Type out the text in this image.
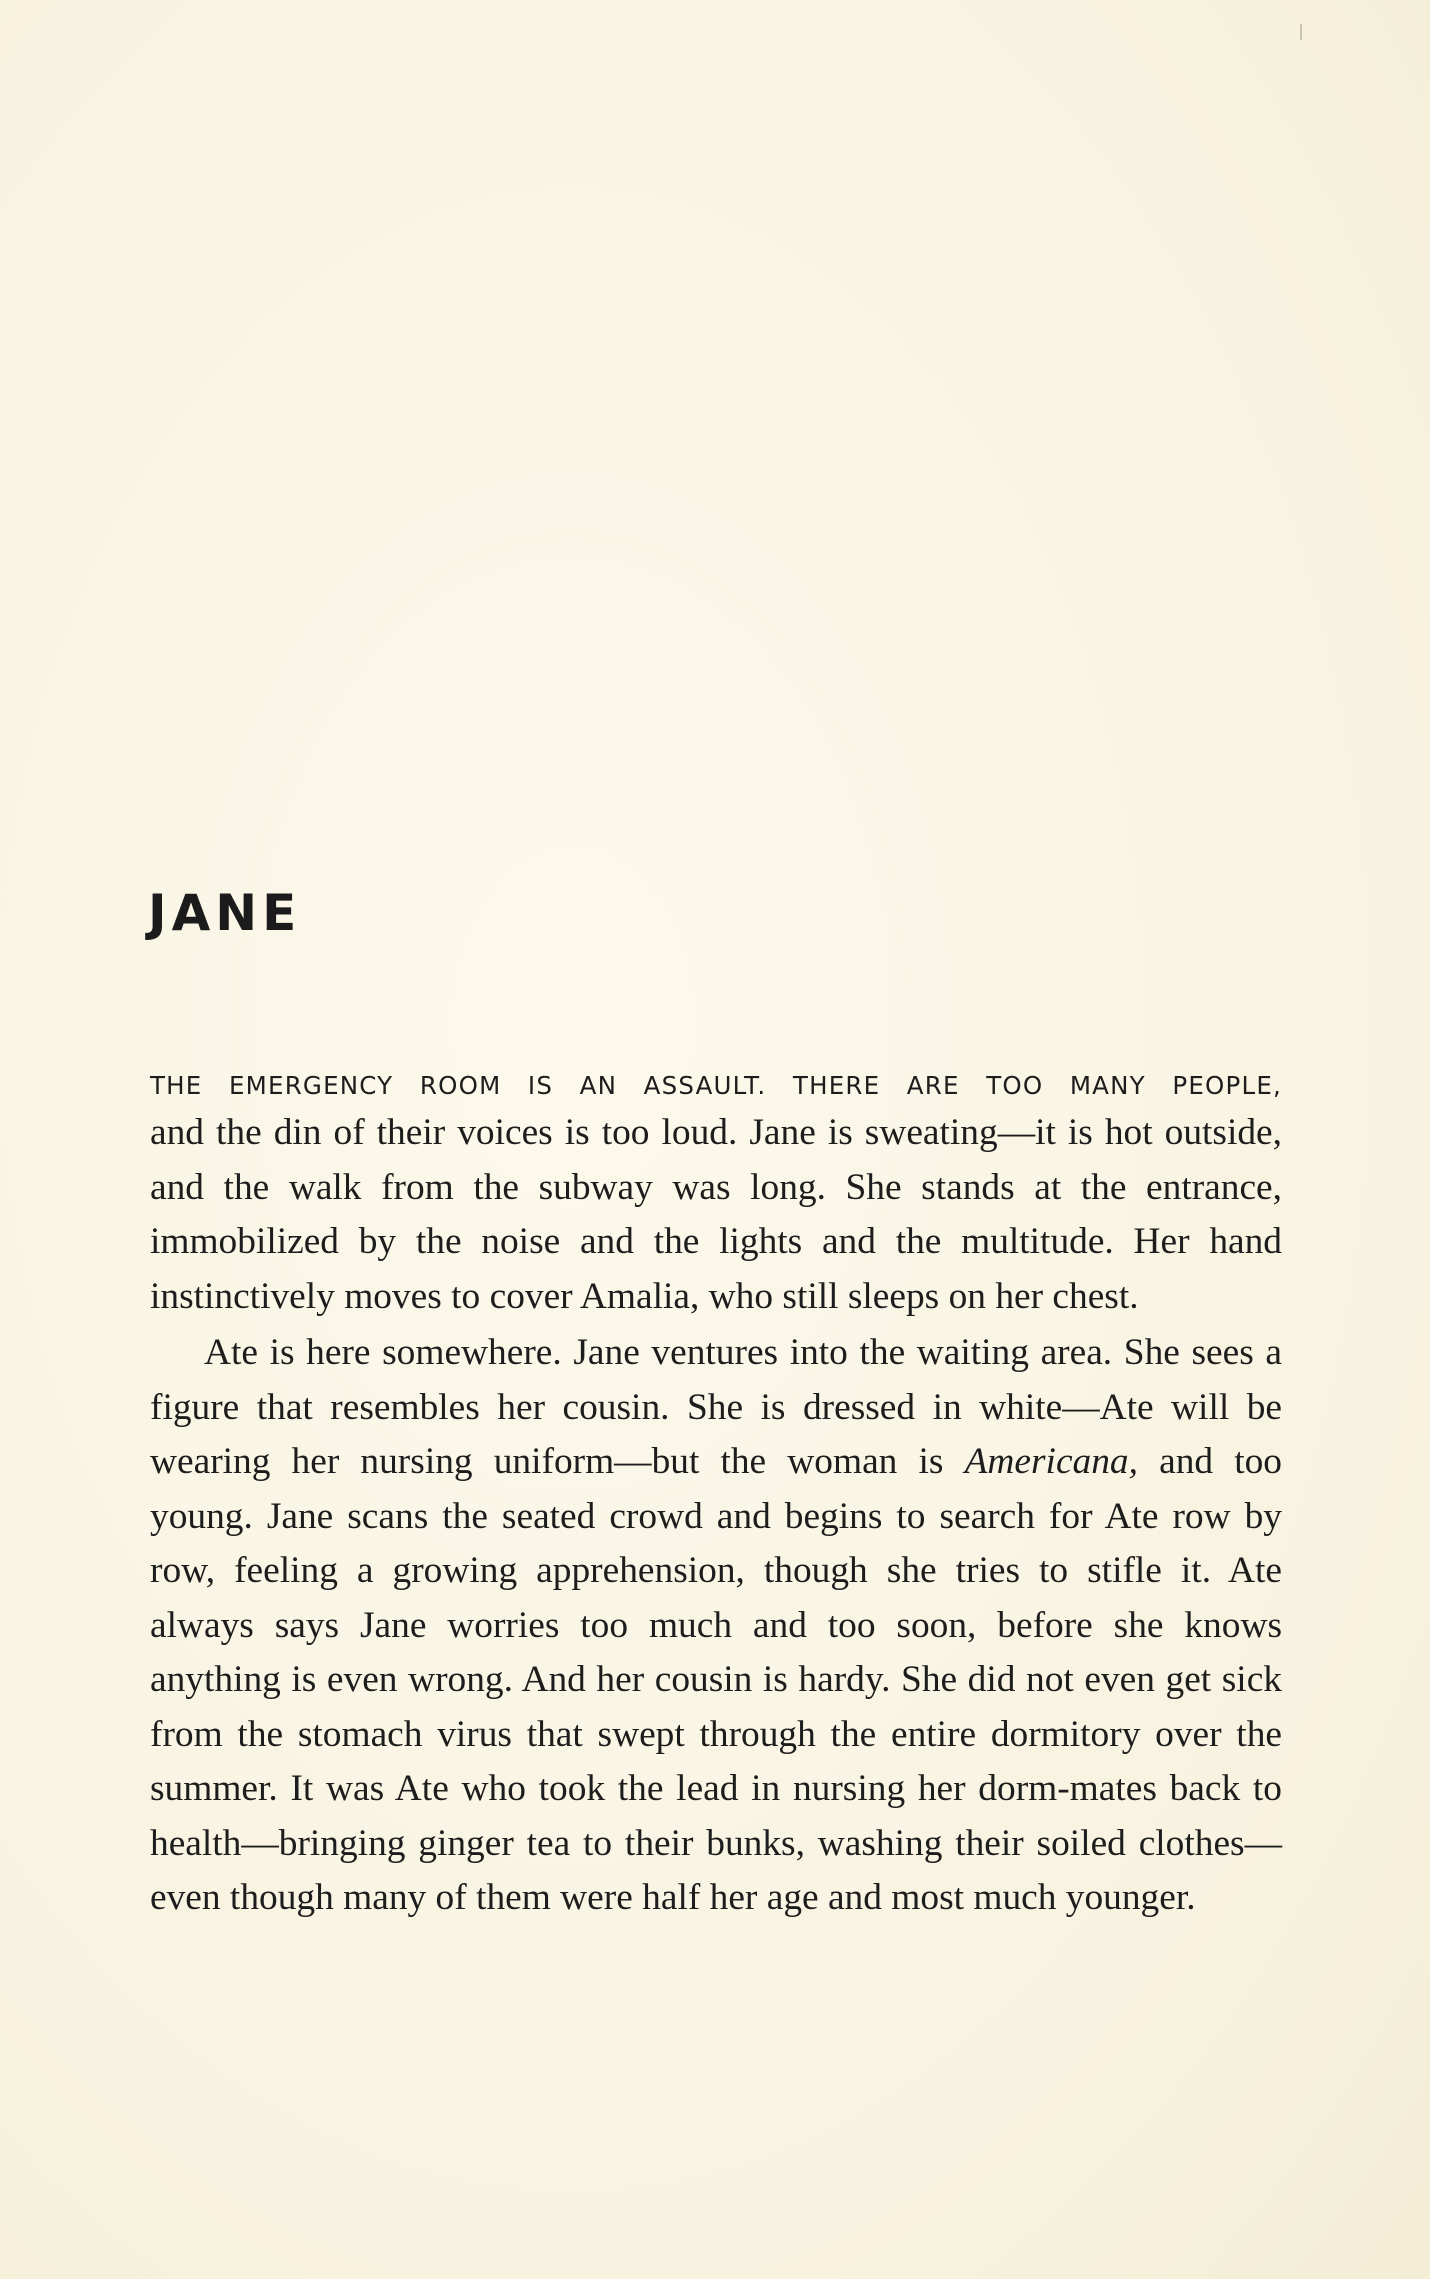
JANE

THE EMERGENCY ROOM IS AN ASSAULT. THERE ARE TOO MANY PEOPLE,
and the din of their voices is too loud. Jane is sweating—it is hot outside, and the walk from the subway was long. She stands at the entrance, immobilized by the noise and the lights and the multitude. Her hand instinctively moves to cover Amalia, who still sleeps on her chest.

Ate is here somewhere. Jane ventures into the waiting area. She sees a figure that resembles her cousin. She is dressed in white—Ate will be wearing her nursing uniform—but the woman is Americana, and too young. Jane scans the seated crowd and begins to search for Ate row by row, feeling a growing apprehension, though she tries to stifle it. Ate always says Jane worries too much and too soon, before she knows anything is even wrong. And her cousin is hardy. She did not even get sick from the stomach virus that swept through the entire dormitory over the summer. It was Ate who took the lead in nursing her dorm-mates back to health—bringing ginger tea to their bunks, washing their soiled clothes—even though many of them were half her age and most much younger.
